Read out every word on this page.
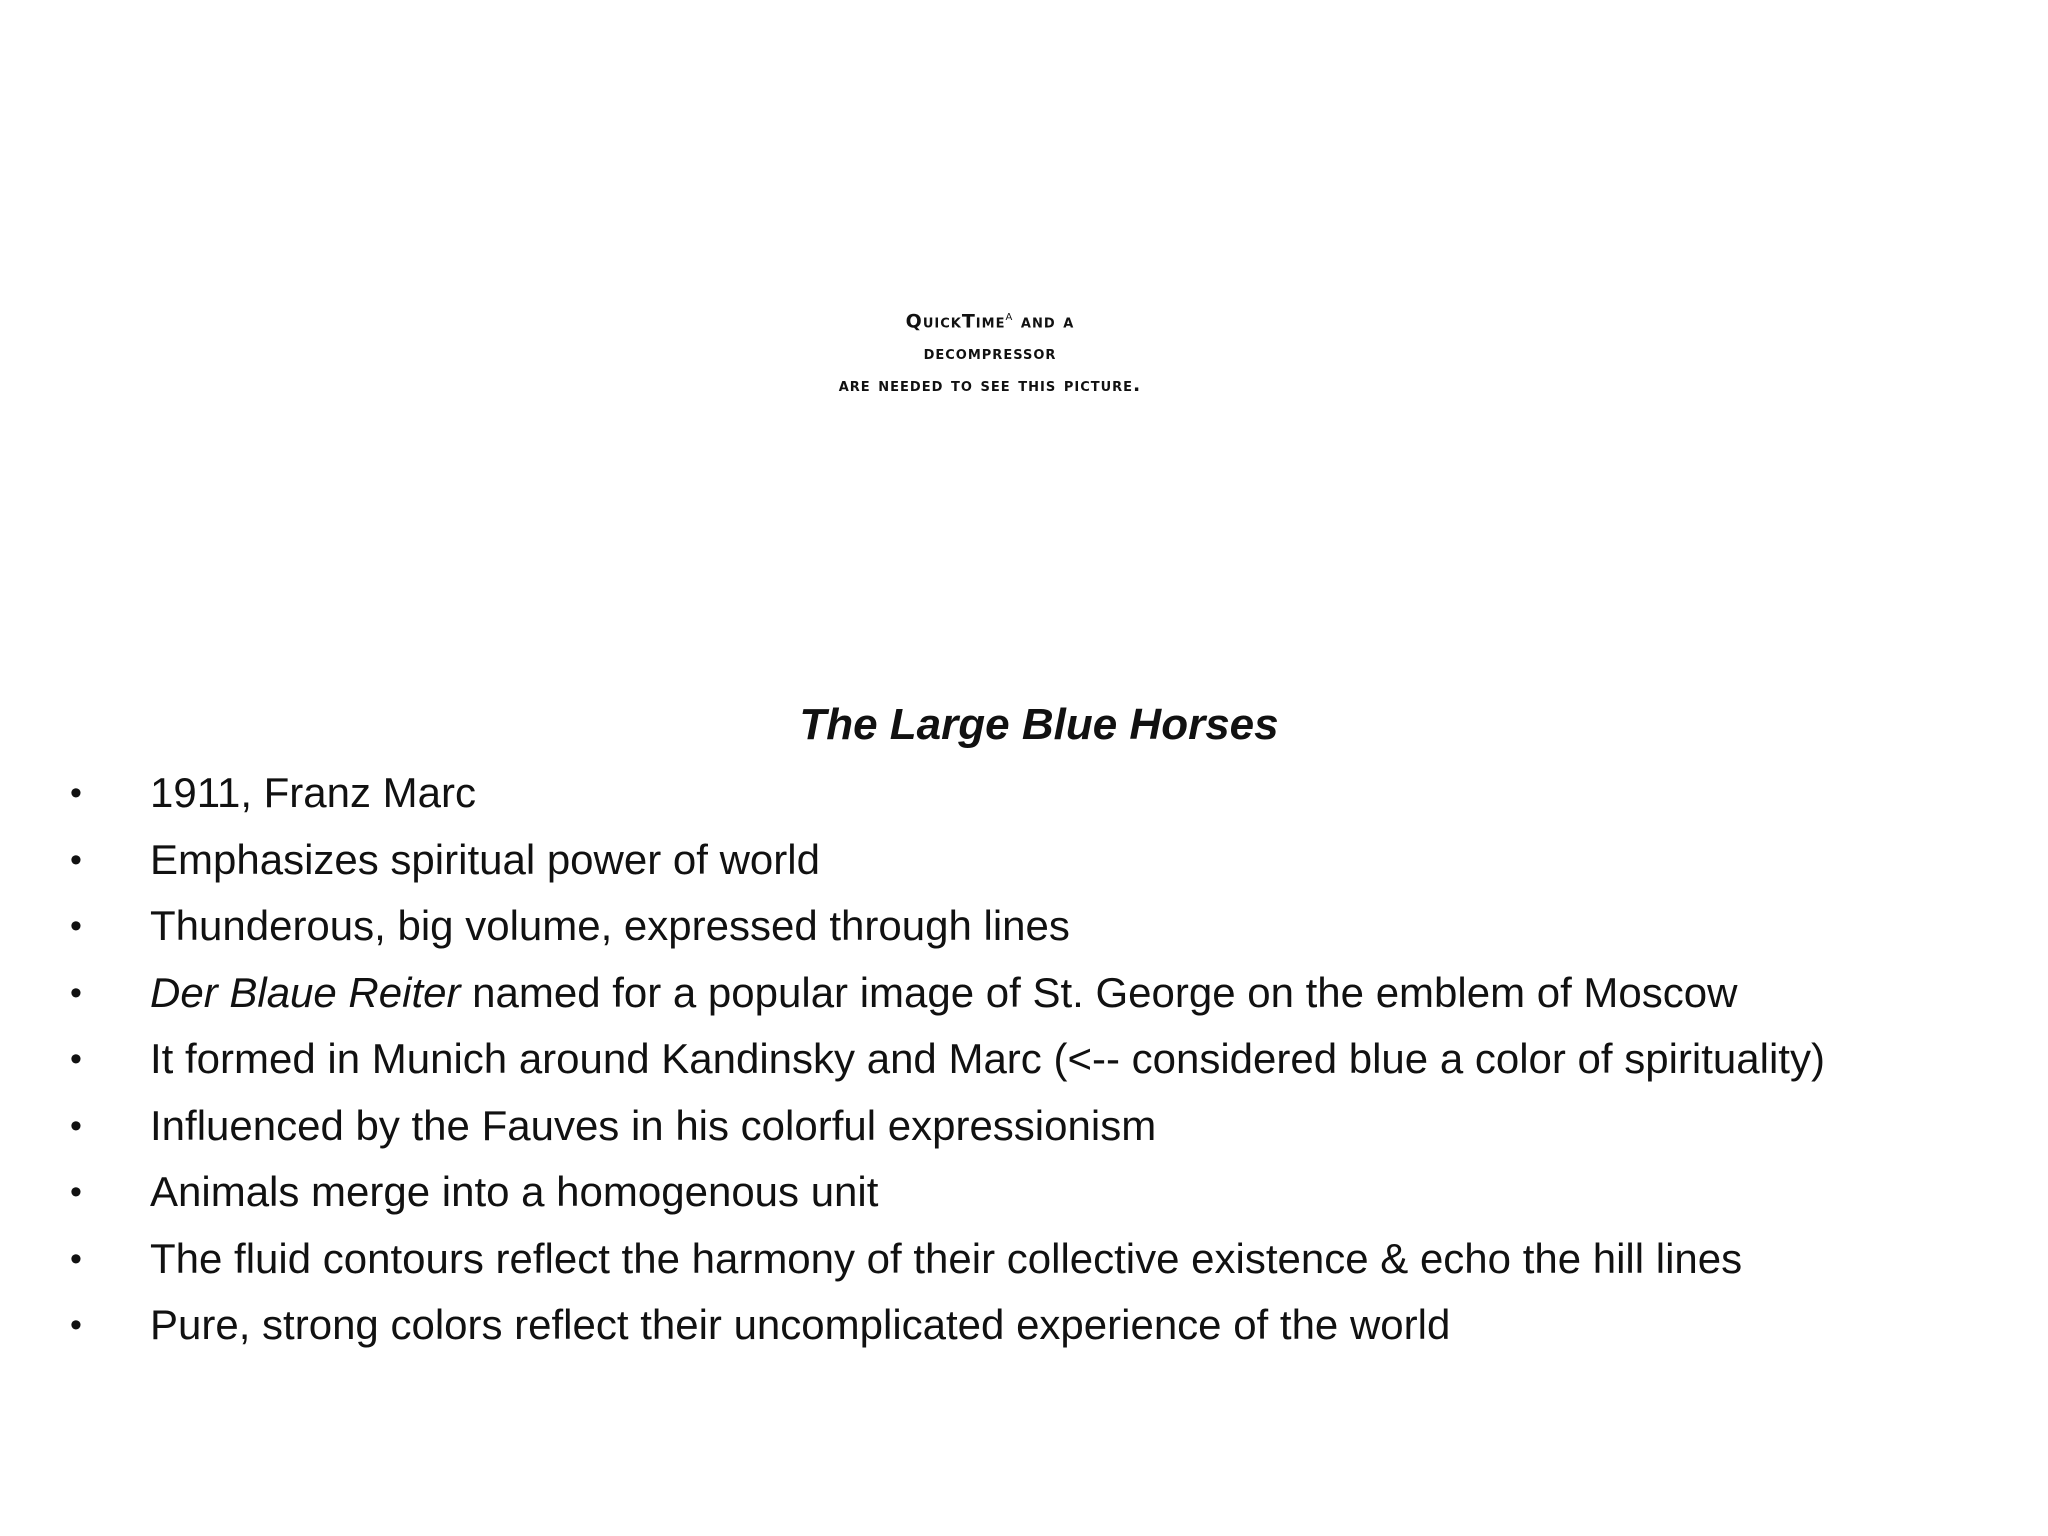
QuickTime$^a$ and a
decompressor
are needed to see this picture.
The Large Blue Horses
• 1911, Franz Marc
• Emphasizes spiritual power of world
• Thunderous, big volume, expressed through lines
• Der Blaue Reiter named for a popular image of St. George on the emblem of Moscow
• It formed in Munich around Kandinsky and Marc (<-- considered blue a color of spirituality)
• Influenced by the Fauves in his colorful expressionism
• Animals merge into a homogenous unit
• The fluid contours reflect the harmony of their collective existence & echo the hill lines
• Pure, strong colors reflect their uncomplicated experience of the world
